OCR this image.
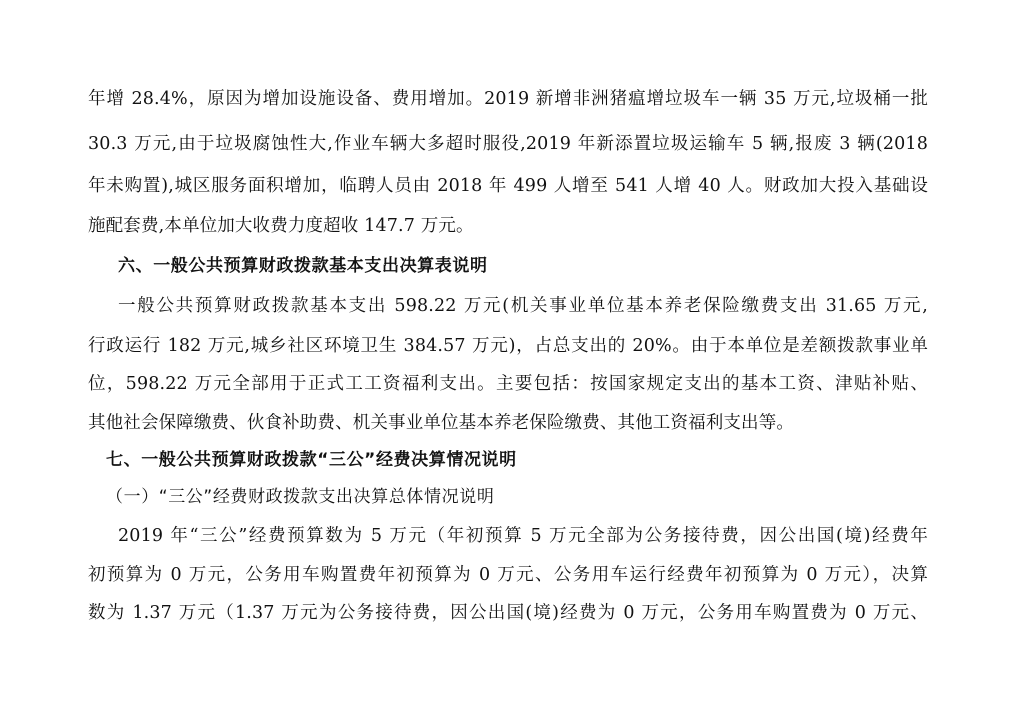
年增 28.4%，原因为增加设施设备、费用增加。2019 新增非洲猪瘟增垃圾车一辆 35 万元,垃圾桶一批
30.3 万元,由于垃圾腐蚀性大,作业车辆大多超时服役,2019 年新添置垃圾运输车 5 辆,报废 3 辆(2018
年未购置),城区服务面积增加，临聘人员由 2018 年 499 人增至 541 人增 40 人。财政加大投入基础设
施配套费,本单位加大收费力度超收 147.7 万元。
六、一般公共预算财政拨款基本支出决算表说明
一般公共预算财政拨款基本支出 598.22 万元(机关事业单位基本养老保险缴费支出 31.65 万元,
行政运行 182 万元,城乡社区环境卫生 384.57 万元)，占总支出的 20%。由于本单位是差额拨款事业单
位，598.22 万元全部用于正式工工资福利支出。主要包括：按国家规定支出的基本工资、津贴补贴、
其他社会保障缴费、伙食补助费、机关事业单位基本养老保险缴费、其他工资福利支出等。
七、一般公共预算财政拨款“三公”经费决算情况说明
（一）“三公”经费财政拨款支出决算总体情况说明
2019 年“三公”经费预算数为 5 万元（年初预算 5 万元全部为公务接待费，因公出国(境)经费年
初预算为 0 万元，公务用车购置费年初预算为 0 万元、公务用车运行经费年初预算为 0 万元），决算
数为 1.37 万元（1.37 万元为公务接待费，因公出国(境)经费为 0 万元，公务用车购置费为 0 万元、
